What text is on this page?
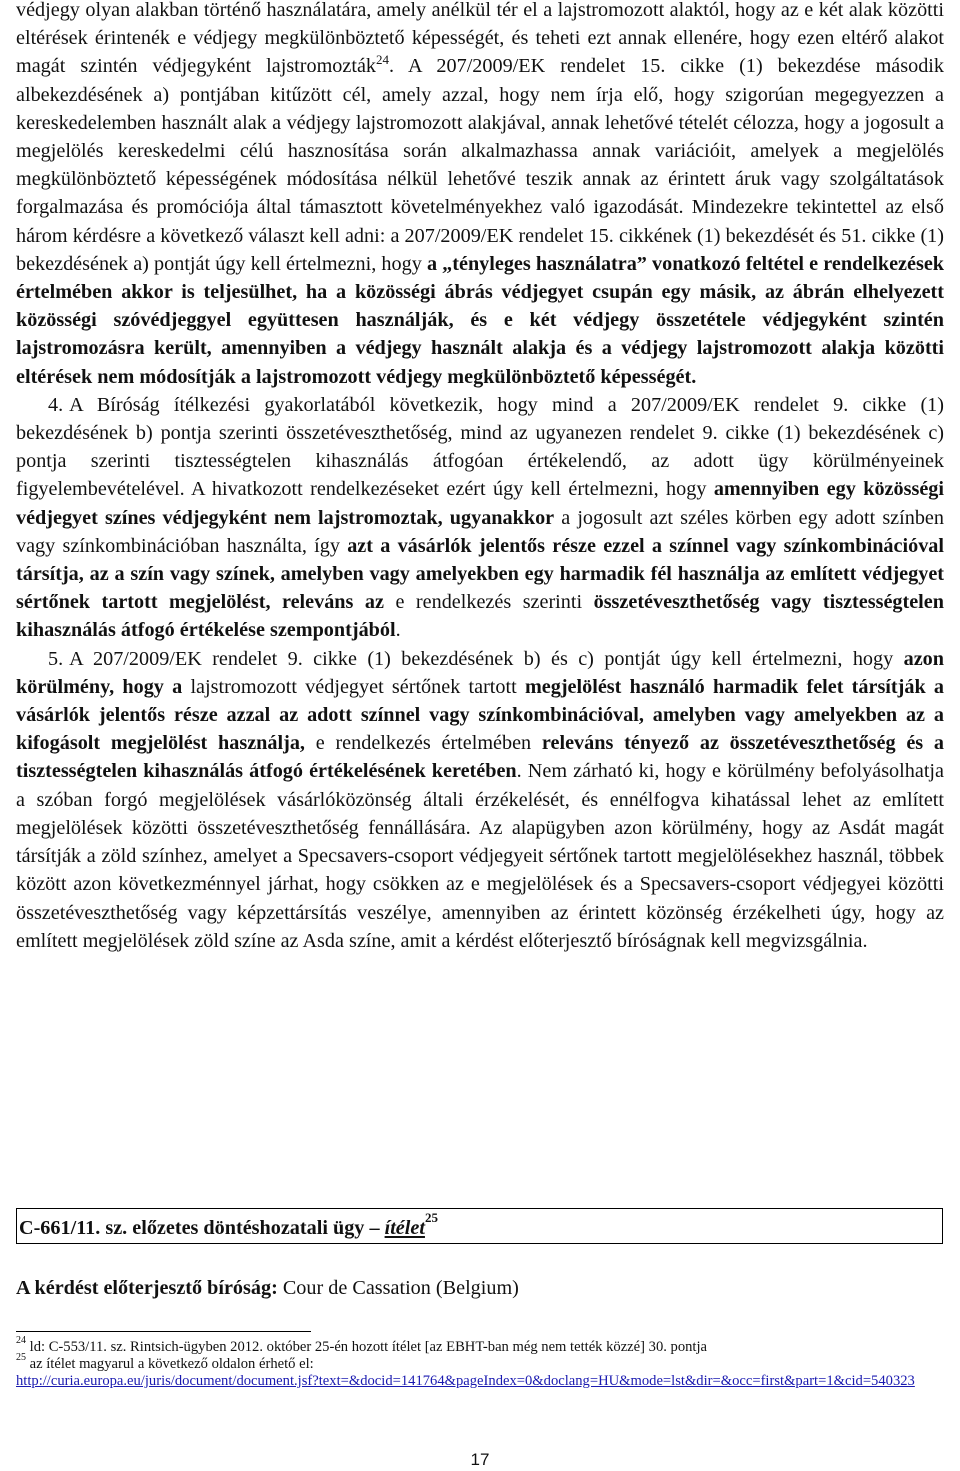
védjegy olyan alakban történő használatára, amely anélkül tér el a lajstromozott alaktól, hogy az e két alak közötti eltérések érintenék e védjegy megkülönböztető képességét, és teheti ezt annak ellenére, hogy ezen eltérő alakot magát szintén védjegyként lajstromozták$^{24}$. A 207/2009/EK rendelet 15. cikke (1) bekezdése második albekezdésének a) pontjában kitűzött cél, amely azzal, hogy nem írja elő, hogy szigorúan megegyezzen a kereskedelemben használt alak a védjegy lajstromozott alakjával, annak lehetővé tételét célozza, hogy a jogosult a megjelölés kereskedelmi célú hasznosítása során alkalmazhassa annak variációit, amelyek a megjelölés megkülönböztető képességének módosítása nélkül lehetővé teszik annak az érintett áruk vagy szolgáltatások forgalmazása és promóciója által támasztott követelményekhez való igazodását. Mindezekre tekintettel az első három kérdésre a következő választ kell adni: a 207/2009/EK rendelet 15. cikkének (1) bekezdését és 51. cikke (1) bekezdésének a) pontját úgy kell értelmezni, hogy a „tényleges használatra” vonatkozó feltétel e rendelkezések értelmében akkor is teljesülhet, ha a közösségi ábrás védjegyet csupán egy másik, az ábrán elhelyezett közösségi szóvédjeggyel együttesen használják, és e két védjegy összetétele védjegyként szintén lajstromozásra került, amennyiben a védjegy használt alakja és a védjegy lajstromozott alakja közötti eltérések nem módosítják a lajstromozott védjegy megkülönböztető képességét.

4. A Bíróság ítélkezési gyakorlatából következik, hogy mind a 207/2009/EK rendelet 9. cikke (1) bekezdésének b) pontja szerinti összetéveszthetőség, mind az ugyanezen rendelet 9. cikke (1) bekezdésének c) pontja szerinti tisztességtelen kihasználás átfogóan értékelendő, az adott ügy körülményeinek figyelembevételével. A hivatkozott rendelkezéseket ezért úgy kell értelmezni, hogy amennyiben egy közösségi védjegyet színes védjegyként nem lajstromoztak, ugyanakkor a jogosult azt széles körben egy adott színben vagy színkombinációban használta, így azt a vásárlók jelentős része ezzel a színnel vagy színkombinációval társítja, az a szín vagy színek, amelyben vagy amelyekben egy harmadik fél használja az említett védjegyet sértőnek tartott megjelölést, releváns az e rendelkezés szerinti összetéveszthetőség vagy tisztességtelen kihasználás átfogó értékelése szempontjából.

5. A 207/2009/EK rendelet 9. cikke (1) bekezdésének b) és c) pontját úgy kell értelmezni, hogy azon körülmény, hogy a lajstromozott védjegyet sértőnek tartott megjelölést használó harmadik felet társítják a vásárlók jelentős része azzal az adott színnel vagy színkombinációval, amelyben vagy amelyekben az a kifogásolt megjelölést használja, e rendelkezés értelmében releváns tényező az összetéveszthetőség és a tisztességtelen kihasználás átfogó értékelésének keretében. Nem zárható ki, hogy e körülmény befolyásolhatja a szóban forgó megjelölések vásárlóközönség általi érzékelését, és ennélfogva kihatással lehet az említett megjelölések közötti összetéveszthetőség fennállására. Az alapügyben azon körülmény, hogy az Asdát magát társítják a zöld színhez, amelyet a Specsavers-csoport védjegyeit sértőnek tartott megjelölésekhez használ, többek között azon következménnyel járhat, hogy csökken az e megjelölések és a Specsavers-csoport védjegyei közötti összetéveszthetőség vagy képzettársítás veszélye, amennyiben az érintett közönség érzékelheti úgy, hogy az említett megjelölések zöld színe az Asda színe, amit a kérdést előterjesztő bíróságnak kell megvizsgálnia.

C-661/11. sz. előzetes döntéshozatali ügy – ítélet$^{25}$
A kérdést előterjesztő bíróság: Cour de Cassation (Belgium)

$^{24}$ ld: C-553/11. sz. Rintsich-ügyben 2012. október 25-én hozott ítélet [az EBHT-ban még nem tették közzé] 30. pontja

$^{25}$ az ítélet magyarul a következő oldalon érhető el:

http://curia.europa.eu/juris/document/document.jsf?text=&docid=141764&pageIndex=0&doclang=HU&mode=lst&dir=&occ=first&part=1&cid=540323

17
